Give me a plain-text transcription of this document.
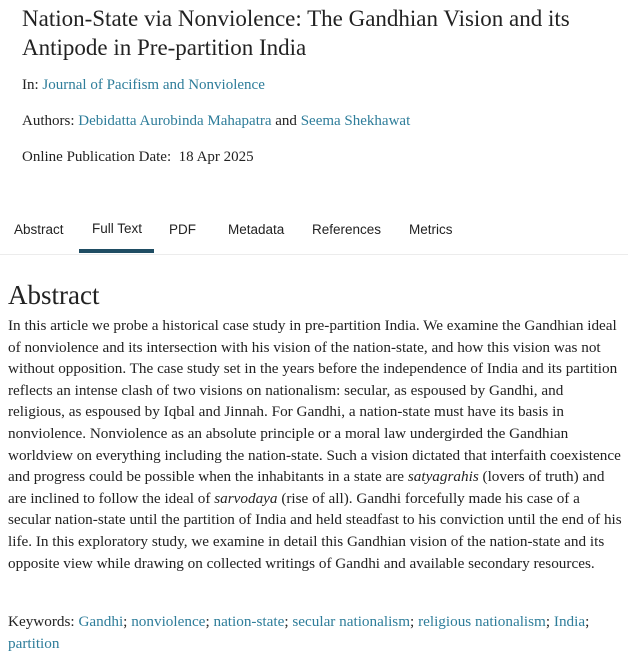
Nation-State via Nonviolence: The Gandhian Vision and its Antipode in Pre-partition India
In: Journal of Pacifism and Nonviolence
Authors: Debidatta Aurobinda Mahapatra and Seema Shekhawat
Online Publication Date: 18 Apr 2025
Abstract Full Text PDF Metadata References Metrics
Abstract

In this article we probe a historical case study in pre-partition India. We examine the Gandhian ideal of nonviolence and its intersection with his vision of the nation-state, and how this vision was not without opposition. The case study set in the years before the independence of India and its partition reflects an intense clash of two visions on nationalism: secular, as espoused by Gandhi, and religious, as espoused by Iqbal and Jinnah. For Gandhi, a nation-state must have its basis in nonviolence. Nonviolence as an absolute principle or a moral law undergirded the Gandhian worldview on everything including the nation-state. Such a vision dictated that interfaith coexistence and progress could be possible when the inhabitants in a state are satyagrahis (lovers of truth) and are inclined to follow the ideal of sarvodaya (rise of all). Gandhi forcefully made his case of a secular nation-state until the partition of India and held steadfast to his conviction until the end of his life. In this exploratory study, we examine in detail this Gandhian vision of the nation-state and its opposite view while drawing on collected writings of Gandhi and available secondary resources.

Keywords: Gandhi; nonviolence; nation-state; secular nationalism; religious nationalism; India; partition
